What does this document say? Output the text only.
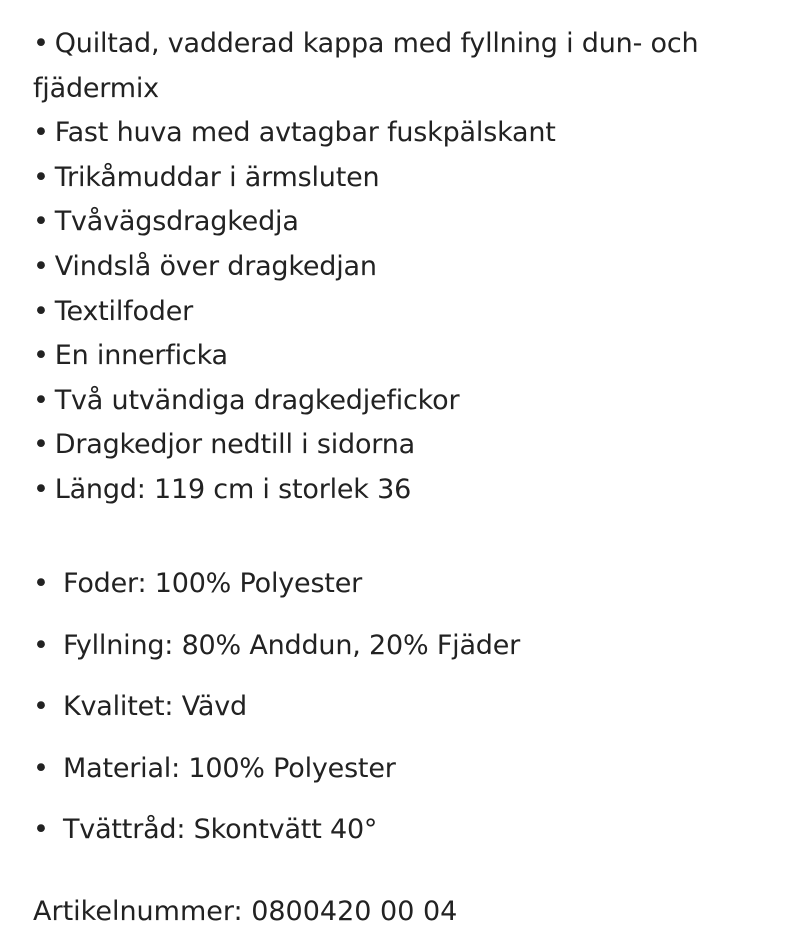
• Quiltad, vadderad kappa med fyllning i dun- och fjädermix
• Fast huva med avtagbar fuskpälskant
• Trikåmuddar i ärmsluten
• Tvåvägsdragkedja
• Vindslå över dragkedjan
• Textilfoder
• En innerficka
• Två utvändiga dragkedjefickor
• Dragkedjor nedtill i sidorna
• Längd: 119 cm i storlek 36
• Foder: 100% Polyester
• Fyllning: 80% Anddun, 20% Fjäder
• Kvalitet: Vävd
• Material: 100% Polyester
• Tvättråd: Skontvätt 40°
Artikelnummer: 0800420 00 04
